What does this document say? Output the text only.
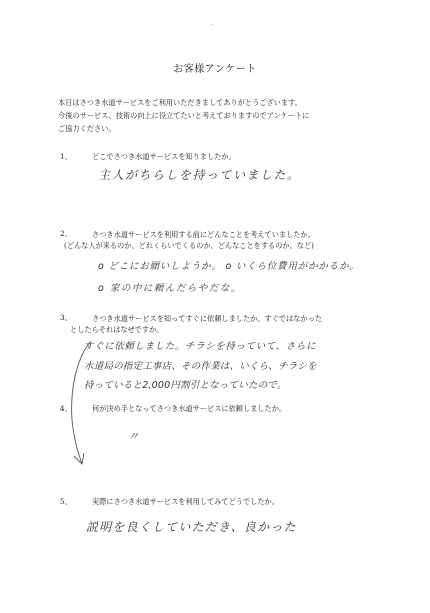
お客様アンケート
本日はさつき水道サービスをご利用いただきましてありがとうございます。
今後のサービス、技術の向上に役立てたいと考えておりますのでアンケートに
ご協力ください。
1、	どこでさつき水道サービスを知りましたか。
主人がちらしを持っていました。
2、	さつき水道サービスを利用する前にどんなことを考えていましたか。
(どんな人が来るのか、どれくらいでくるのか、どんなことをするのか、など)
o どこにお願いしようか。 o いくら位費用がかかるか。
o 家の中に頼んだらやだな。
3、	さつき水道サービスを知ってすぐに依頼しましたか。すぐではなかった
としたらそれはなぜですか。
すぐに依頼しました。チラシを持っていて、さらに
水道局の指定工事店、その作業は、いくら、チラシを
持っていると2,000円割引となっていたので。
4、	何が決め手となってさつき水道サービスに依頼しましたか。
〃
5、	実際にさつき水道サービスを利用してみてどうでしたか。
説明を良くしていただき、良かった
